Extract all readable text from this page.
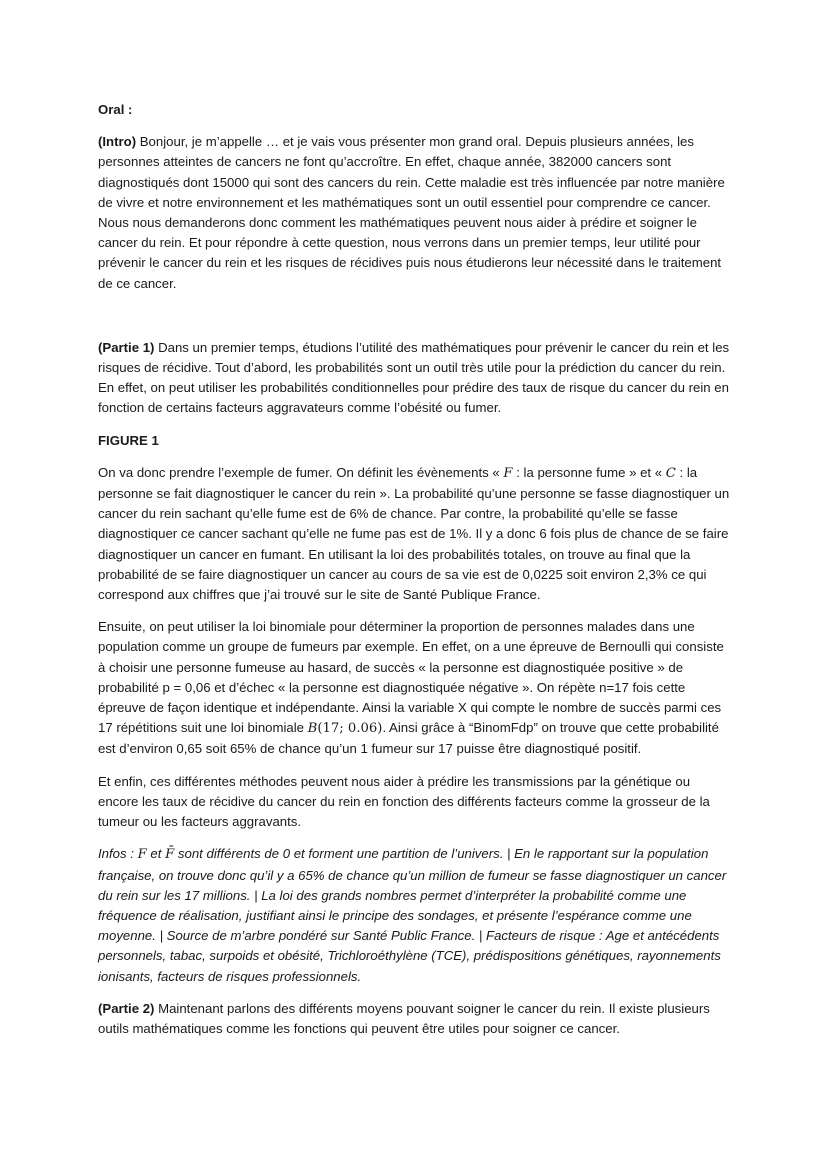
Oral :

(Intro) Bonjour, je m’appelle … et je vais vous présenter mon grand oral. Depuis plusieurs années, les personnes atteintes de cancers ne font qu’accroître. En effet, chaque année, 382000 cancers sont diagnostiqués dont 15000 qui sont des cancers du rein. Cette maladie est très influencée par notre manière de vivre et notre environnement et les mathématiques sont un outil essentiel pour comprendre ce cancer. Nous nous demanderons donc comment les mathématiques peuvent nous aider à prédire et soigner le cancer du rein. Et pour répondre à cette question, nous verrons dans un premier temps, leur utilité pour prévenir le cancer du rein et les risques de récidives puis nous étudierons leur nécessité dans le traitement de ce cancer.

(Partie 1) Dans un premier temps, étudions l’utilité des mathématiques pour prévenir le cancer du rein et les risques de récidive. Tout d’abord, les probabilités sont un outil très utile pour la prédiction du cancer du rein. En effet, on peut utiliser les probabilités conditionnelles pour prédire des taux de risque du cancer du rein en fonction de certains facteurs aggravateurs comme l’obésité ou fumer.

FIGURE 1

On va donc prendre l’exemple de fumer. On définit les évènements « F : la personne fume » et « C : la personne se fait diagnostiquer le cancer du rein ». La probabilité qu’une personne se fasse diagnostiquer un cancer du rein sachant qu’elle fume est de 6% de chance. Par contre, la probabilité qu’elle se fasse diagnostiquer ce cancer sachant qu’elle ne fume pas est de 1%. Il y a donc 6 fois plus de chance de se faire diagnostiquer un cancer en fumant. En utilisant la loi des probabilités totales, on trouve au final que la probabilité de se faire diagnostiquer un cancer au cours de sa vie est de 0,0225 soit environ 2,3% ce qui correspond aux chiffres que j’ai trouvé sur le site de Santé Publique France.

Ensuite, on peut utiliser la loi binomiale pour déterminer la proportion de personnes malades dans une population comme un groupe de fumeurs par exemple. En effet, on a une épreuve de Bernoulli qui consiste à choisir une personne fumeuse au hasard, de succès « la personne est diagnostiquée positive » de probabilité p = 0,06 et d’échec « la personne est diagnostiquée négative ». On répète n=17 fois cette épreuve de façon identique et indépendante. Ainsi la variable X qui compte le nombre de succès parmi ces 17 répétitions suit une loi binomiale B(17; 0.06). Ainsi grâce à “BinomFdp” on trouve que cette probabilité est d’environ 0,65 soit 65% de chance qu’un 1 fumeur sur 17 puisse être diagnostiqué positif.

Et enfin, ces différentes méthodes peuvent nous aider à prédire les transmissions par la génétique ou encore les taux de récidive du cancer du rein en fonction des différents facteurs comme la grosseur de la tumeur ou les facteurs aggravants.

Infos : F et F̄ sont différents de 0 et forment une partition de l’univers. | En le rapportant sur la population française, on trouve donc qu’il y a 65% de chance qu’un million de fumeur se fasse diagnostiquer un cancer du rein sur les 17 millions. | La loi des grands nombres permet d’interpréter la probabilité comme une fréquence de réalisation, justifiant ainsi le principe des sondages, et présente l’espérance comme une moyenne. | Source de m’arbre pondéré sur Santé Public France. | Facteurs de risque : Age et antécédents personnels, tabac, surpoids et obésité, Trichloroéthylène (TCE), prédispositions génétiques, rayonnements ionisants, facteurs de risques professionnels.

(Partie 2) Maintenant parlons des différents moyens pouvant soigner le cancer du rein. Il existe plusieurs outils mathématiques comme les fonctions qui peuvent être utiles pour soigner ce cancer.
